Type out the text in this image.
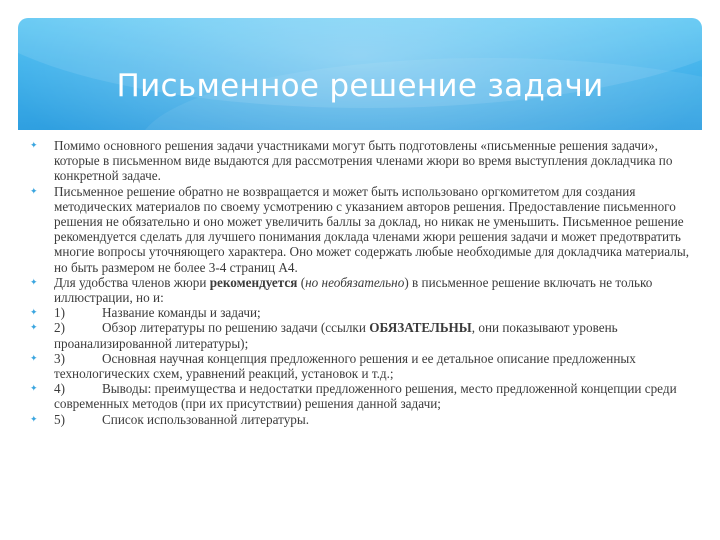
Письменное решение задачи

✦ Помимо основного решения задачи участниками могут быть подготовлены «письменные решения задачи», которые в письменном виде выдаются для рассмотрения членами жюри во время выступления докладчика по конкретной задаче.

✦ Письменное решение обратно не возвращается и может быть использовано оргкомитетом для создания методических материалов по своему усмотрению с указанием авторов решения. Предоставление письменного решения не обязательно и оно может увеличить баллы за доклад, но никак не уменьшить. Письменное решение рекомендуется сделать для лучшего понимания доклада членами жюри решения задачи и может предотвратить многие вопросы уточняющего характера. Оно может содержать любые необходимые для докладчика материалы, но быть размером не более 3-4 страниц А4.

✦ Для удобства членов жюри рекомендуется (но необязательно) в письменное решение включать не только иллюстрации, но и:

✦ 1)	Название команды и задачи;

✦ 2)	Обзор литературы по решению задачи (ссылки ОБЯЗАТЕЛЬНЫ, они показывают уровень проанализированной литературы);

✦ 3)	Основная научная концепция предложенного решения и ее детальное описание предложенных технологических схем, уравнений реакций, установок и т.д.;

✦ 4)	Выводы: преимущества и недостатки предложенного решения, место предложенной концепции среди современных методов (при их присутствии) решения данной задачи;

✦ 5)	Список использованной литературы.
